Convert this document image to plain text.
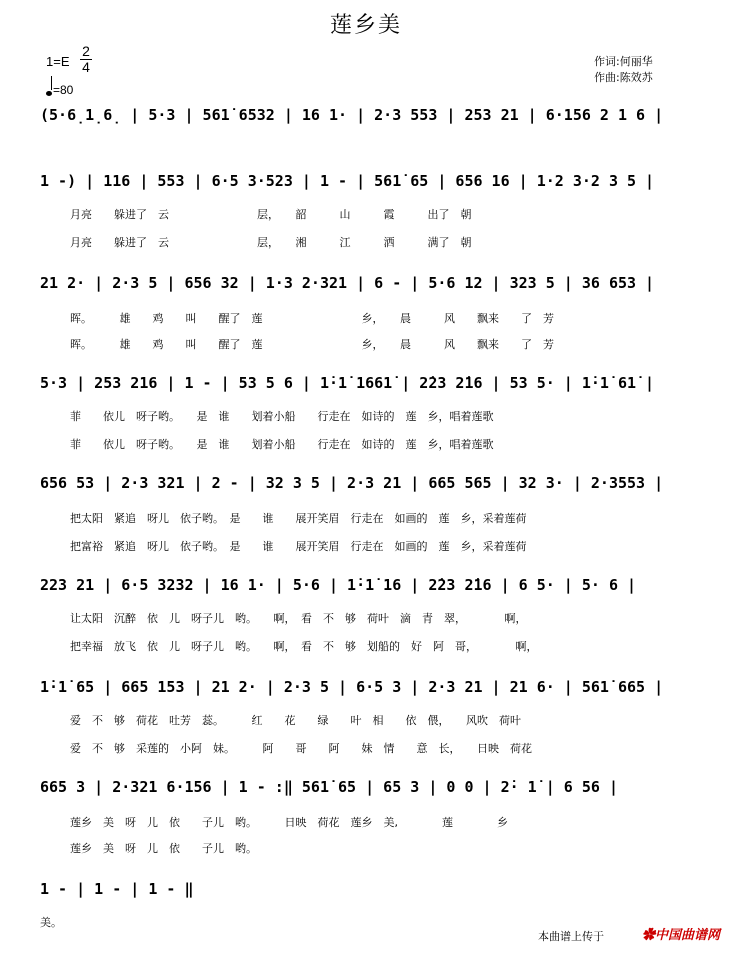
莲乡美
1=E
2
4
=80
作词:何丽华
作曲:陈效苏
(5·6̣1̣6̣ | 5·3 | 561̇ 6532 | 16 1· | 2·3 553 | 253 21 | 6·156 2 1 6 |
1 -) | 116 | 553 | 6·5 3·523 | 1 - | 561̇ 65 | 656 16 | 1·2 3·2 3 5 |
月亮　　躲进了　云　　　　　　　　层，　　韶　　　山　　　霞　　　出了　朝
月亮　　躲进了　云　　　　　　　　层，　　湘　　　江　　　洒　　　满了　朝
21 2· | 2·3 5 | 656 32 | 1·3 2·321 | 6 - | 5·6 12 | 323 5 | 36 653 |
晖。　　　雄　　鸡　　叫　　醒了　莲　　　　　　　　　乡，　　晨　　　风　　飘来　　了　芳
晖。　　　雄　　鸡　　叫　　醒了　莲　　　　　　　　　乡，　　晨　　　风　　飘来　　了　芳
5·3 | 253 216 | 1 - | 53 5 6 | 1̇·1̇ 1661̇ | 2̇23 2̇16 | 53 5· | 1̇·1̇ 61̇ |
菲　　依儿　呀子哟。　　是　谁　　划着小船　　行走在　如诗的　莲　乡，唱着莲歌
菲　　依儿　呀子哟。　　是　谁　　划着小船　　行走在　如诗的　莲　乡，唱着莲歌
656 53 | 2·3 321 | 2 - | 32 3 5 | 2·3 21 | 665 565 | 32 3· | 2·3553 |
把太阳　紧追　呀儿　依子哟。　是　　谁　　展开笑眉　行走在　如画的　莲　乡，采着莲荷
把富裕　紧追　呀儿　依子哟。　是　　谁　　展开笑眉　行走在　如画的　莲　乡，采着莲荷
223 21 | 6·5 3232 | 16 1· | 5·6 | 1̇·1̇ 16 | 2̇23 2̇16 | 6 5· | 5· 6 |
让太阳　沉醉　依　儿　呀子儿　哟。　　啊，　看　不　够　荷叶　滴　青　翠，　　　　啊，
把幸福　放飞　依　儿　呀子儿　哟。　　啊，　看　不　够　划船的　好　阿　哥，　　　　啊，
1̇·1̇ 65 | 665 153 | 21 2· | 2·3 5 | 6·5 3 | 2·3 21 | 21 6· | 561̇ 665 |
爱　不　够　荷花　吐芳　蕊。　　　红　　花　　绿　　叶　相　　依　偎，　　风吹　荷叶
爱　不　够　采莲的　小阿　妹。　　　阿　　哥　　阿　　妹　情　　意　长，　　日映　荷花
665 3 | 2·321 6·156 | 1 - :‖ 561̇ 65 | 65 3 | 0 0 | 2̇· 1̇ | 6 56 |
莲乡　美　呀　儿　依　　子儿　哟。　　　日映　荷花　莲乡　美,　　　　莲　　　　乡
莲乡　美　呀　儿　依　　子儿　哟。
1 - | 1 - | 1 - ‖
美。
本曲谱上传于	✿中国曲谱网
